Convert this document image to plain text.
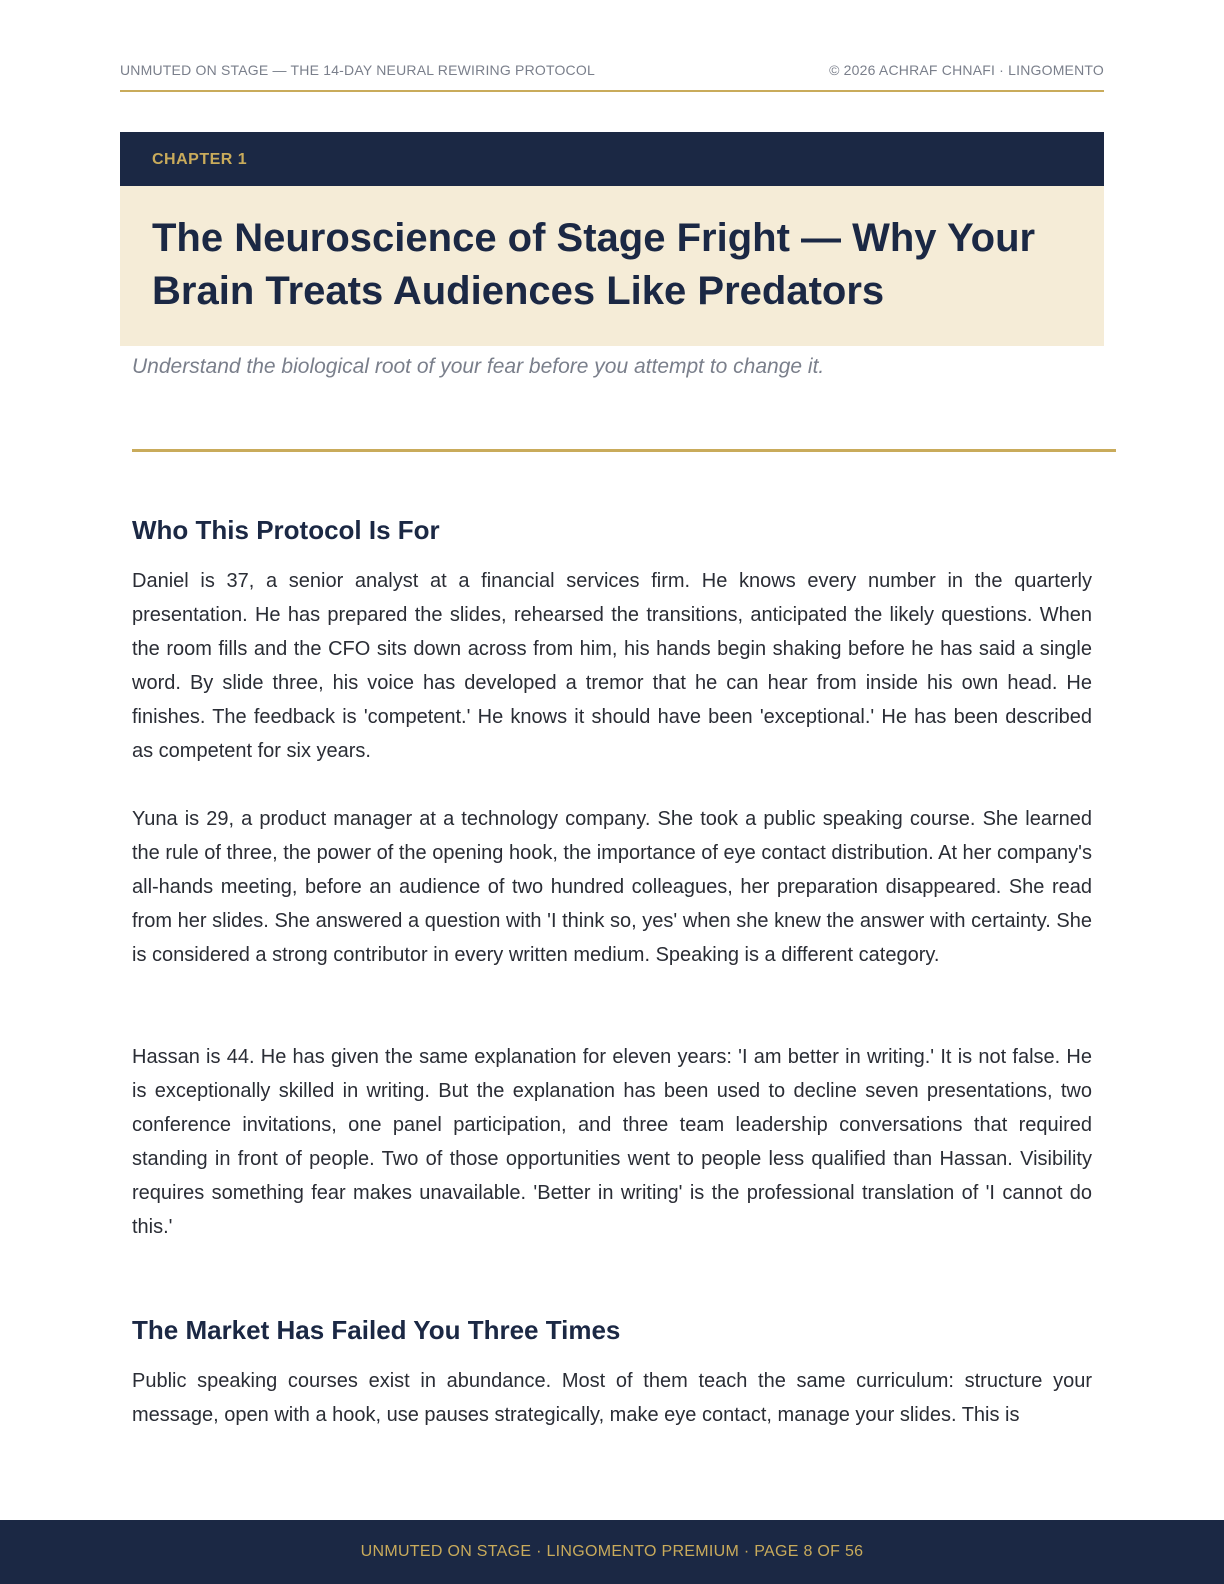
UNMUTED ON STAGE — THE 14-DAY NEURAL REWIRING PROTOCOL	© 2026 ACHRAF CHNAFI · LINGOMENTO
CHAPTER 1
The Neuroscience of Stage Fright — Why Your Brain Treats Audiences Like Predators

Understand the biological root of your fear before you attempt to change it.

Who This Protocol Is For

Daniel is 37, a senior analyst at a financial services firm. He knows every number in the quarterly presentation. He has prepared the slides, rehearsed the transitions, anticipated the likely questions. When the room fills and the CFO sits down across from him, his hands begin shaking before he has said a single word. By slide three, his voice has developed a tremor that he can hear from inside his own head. He finishes. The feedback is 'competent.' He knows it should have been 'exceptional.' He has been described as competent for six years.

Yuna is 29, a product manager at a technology company. She took a public speaking course. She learned the rule of three, the power of the opening hook, the importance of eye contact distribution. At her company's all-hands meeting, before an audience of two hundred colleagues, her preparation disappeared. She read from her slides. She answered a question with 'I think so, yes' when she knew the answer with certainty. She is considered a strong contributor in every written medium. Speaking is a different category.

Hassan is 44. He has given the same explanation for eleven years: 'I am better in writing.' It is not false. He is exceptionally skilled in writing. But the explanation has been used to decline seven presentations, two conference invitations, one panel participation, and three team leadership conversations that required standing in front of people. Two of those opportunities went to people less qualified than Hassan. Visibility requires something fear makes unavailable. 'Better in writing' is the professional translation of 'I cannot do this.'

The Market Has Failed You Three Times

Public speaking courses exist in abundance. Most of them teach the same curriculum: structure your message, open with a hook, use pauses strategically, make eye contact, manage your slides. This is

UNMUTED ON STAGE · LINGOMENTO PREMIUM · PAGE 8 OF 56
